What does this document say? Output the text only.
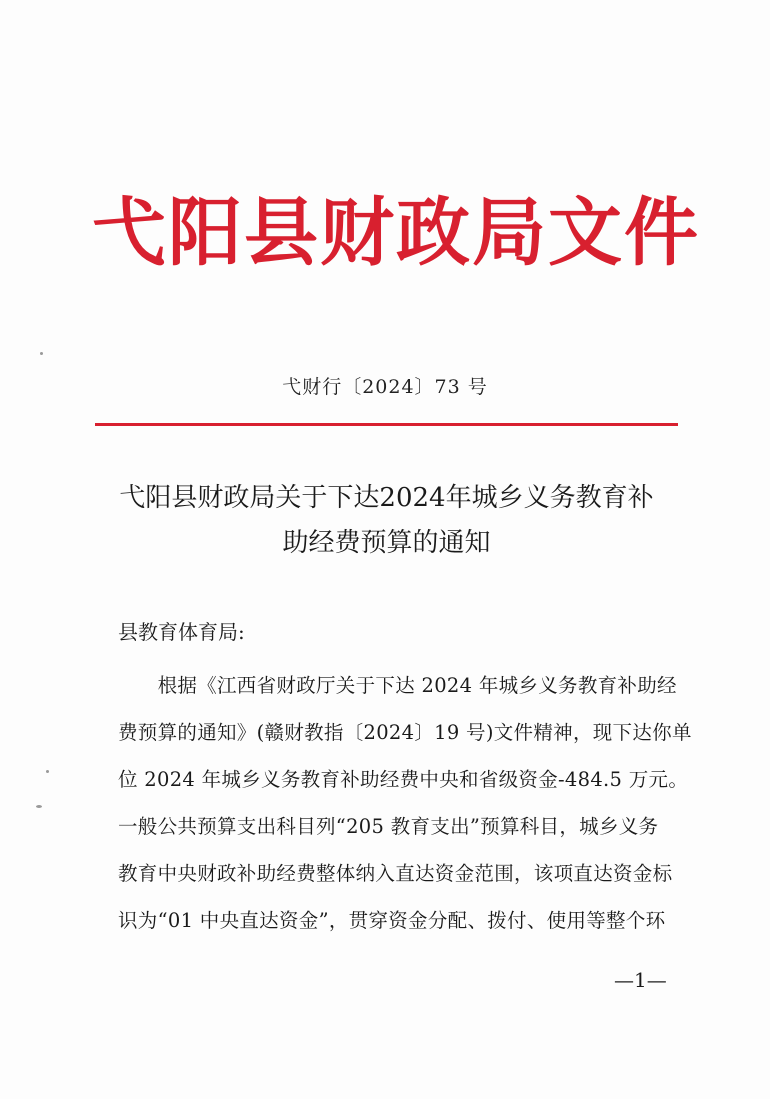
弋阳县财政局文件
弋财行〔2024〕73 号
弋阳县财政局关于下达2024年城乡义务教育补
助经费预算的通知
县教育体育局:
　　根据《江西省财政厅关于下达 2024 年城乡义务教育补助经
费预算的通知》(赣财教指〔2024〕19 号)文件精神，现下达你单
位 2024 年城乡义务教育补助经费中央和省级资金-484.5 万元。
一般公共预算支出科目列“205 教育支出”预算科目，城乡义务
教育中央财政补助经费整体纳入直达资金范围，该项直达资金标
识为“01 中央直达资金”，贯穿资金分配、拨付、使用等整个环
—1—
